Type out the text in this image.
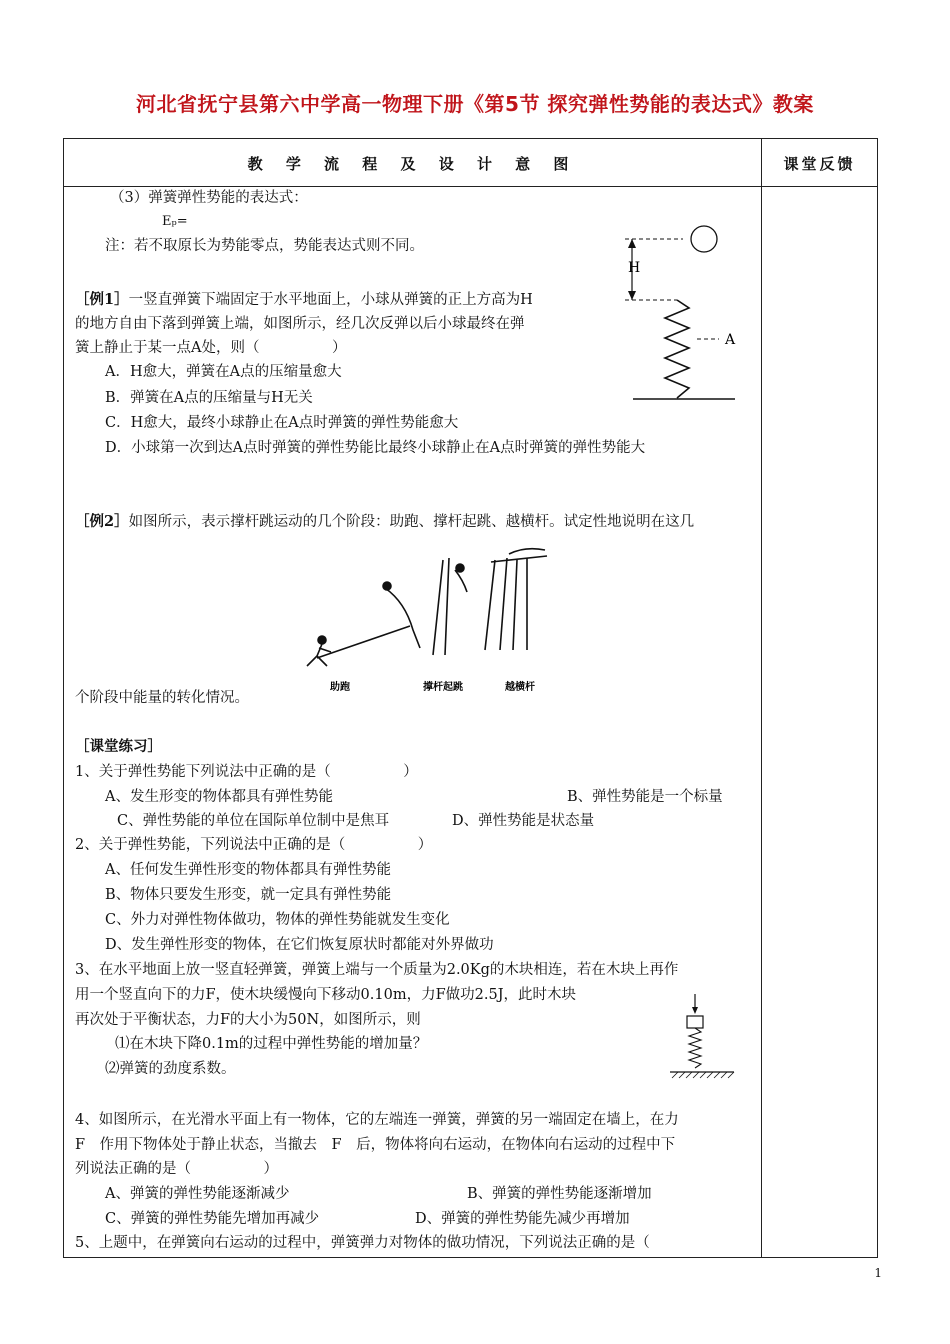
河北省抚宁县第六中学高一物理下册《第5节 探究弹性势能的表达式》教案
教 学 流 程 及 设 计 意 图	课堂反馈
（3）弹簧弹性势能的表达式：
Eₚ=
注：若不取原长为势能零点，势能表达式则不同。
H
A
［例1］一竖直弹簧下端固定于水平地面上，小球从弹簧的正上方高为H
的地方自由下落到弹簧上端，如图所示，经几次反弹以后小球最终在弹
簧上静止于某一点A处，则（　　　　　）
A．H愈大，弹簧在A点的压缩量愈大
B．弹簧在A点的压缩量与H无关
C．H愈大，最终小球静止在A点时弹簧的弹性势能愈大
D．小球第一次到达A点时弹簧的弹性势能比最终小球静止在A点时弹簧的弹性势能大
［例2］如图所示，表示撑杆跳运动的几个阶段：助跑、撑杆起跳、越横杆。试定性地说明在这几
助跑	撑杆起跳	越横杆
个阶段中能量的转化情况。
［课堂练习］
1、关于弹性势能下列说法中正确的是（　　　　　）
A、发生形变的物体都具有弹性势能	B、弹性势能是一个标量
C、弹性势能的单位在国际单位制中是焦耳	D、弹性势能是状态量
2、关于弹性势能，下列说法中正确的是（　　　　　）
A、任何发生弹性形变的物体都具有弹性势能
B、物体只要发生形变，就一定具有弹性势能
C、外力对弹性物体做功，物体的弹性势能就发生变化
D、发生弹性形变的物体，在它们恢复原状时都能对外界做功
3、在水平地面上放一竖直轻弹簧，弹簧上端与一个质量为2.0Kg的木块相连，若在木块上再作
用一个竖直向下的力F，使木块缓慢向下移动0.10m，力F做功2.5J，此时木块
再次处于平衡状态，力F的大小为50N，如图所示，则
⑴在木块下降0.1m的过程中弹性势能的增加量？
⑵弹簧的劲度系数。
4、如图所示，在光滑水平面上有一物体，它的左端连一弹簧，弹簧的另一端固定在墙上，在力
F　作用下物体处于静止状态，当撤去　F　后，物体将向右运动，在物体向右运动的过程中下
列说法正确的是（　　　　　）
A、弹簧的弹性势能逐渐减少	B、弹簧的弹性势能逐渐增加
C、弹簧的弹性势能先增加再减少	D、弹簧的弹性势能先减少再增加
5、上题中，在弹簧向右运动的过程中，弹簧弹力对物体的做功情况，下列说法正确的是（
1
